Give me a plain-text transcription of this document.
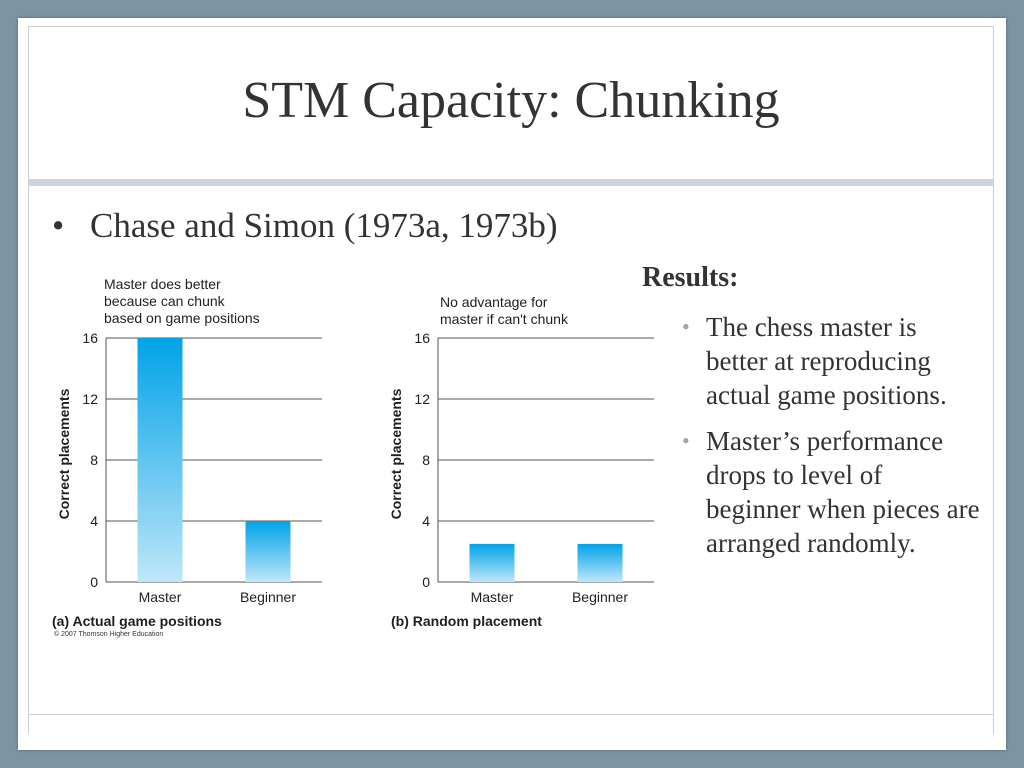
STM Capacity: Chunking
• Chase and Simon (1973a, 1973b)
Master does better
because can chunk
based on game positions
Correct placements
0
4
8
12
16
Master	Beginner
(a) Actual game positions
© 2007 Thomson Higher Education
No advantage for
master if can't chunk
Correct placements
0
4
8
12
16
Master	Beginner
(b) Random placement
Results:
• The chess master is better at reproducing actual game positions.
• Master’s performance drops to level of beginner when pieces are arranged randomly.
